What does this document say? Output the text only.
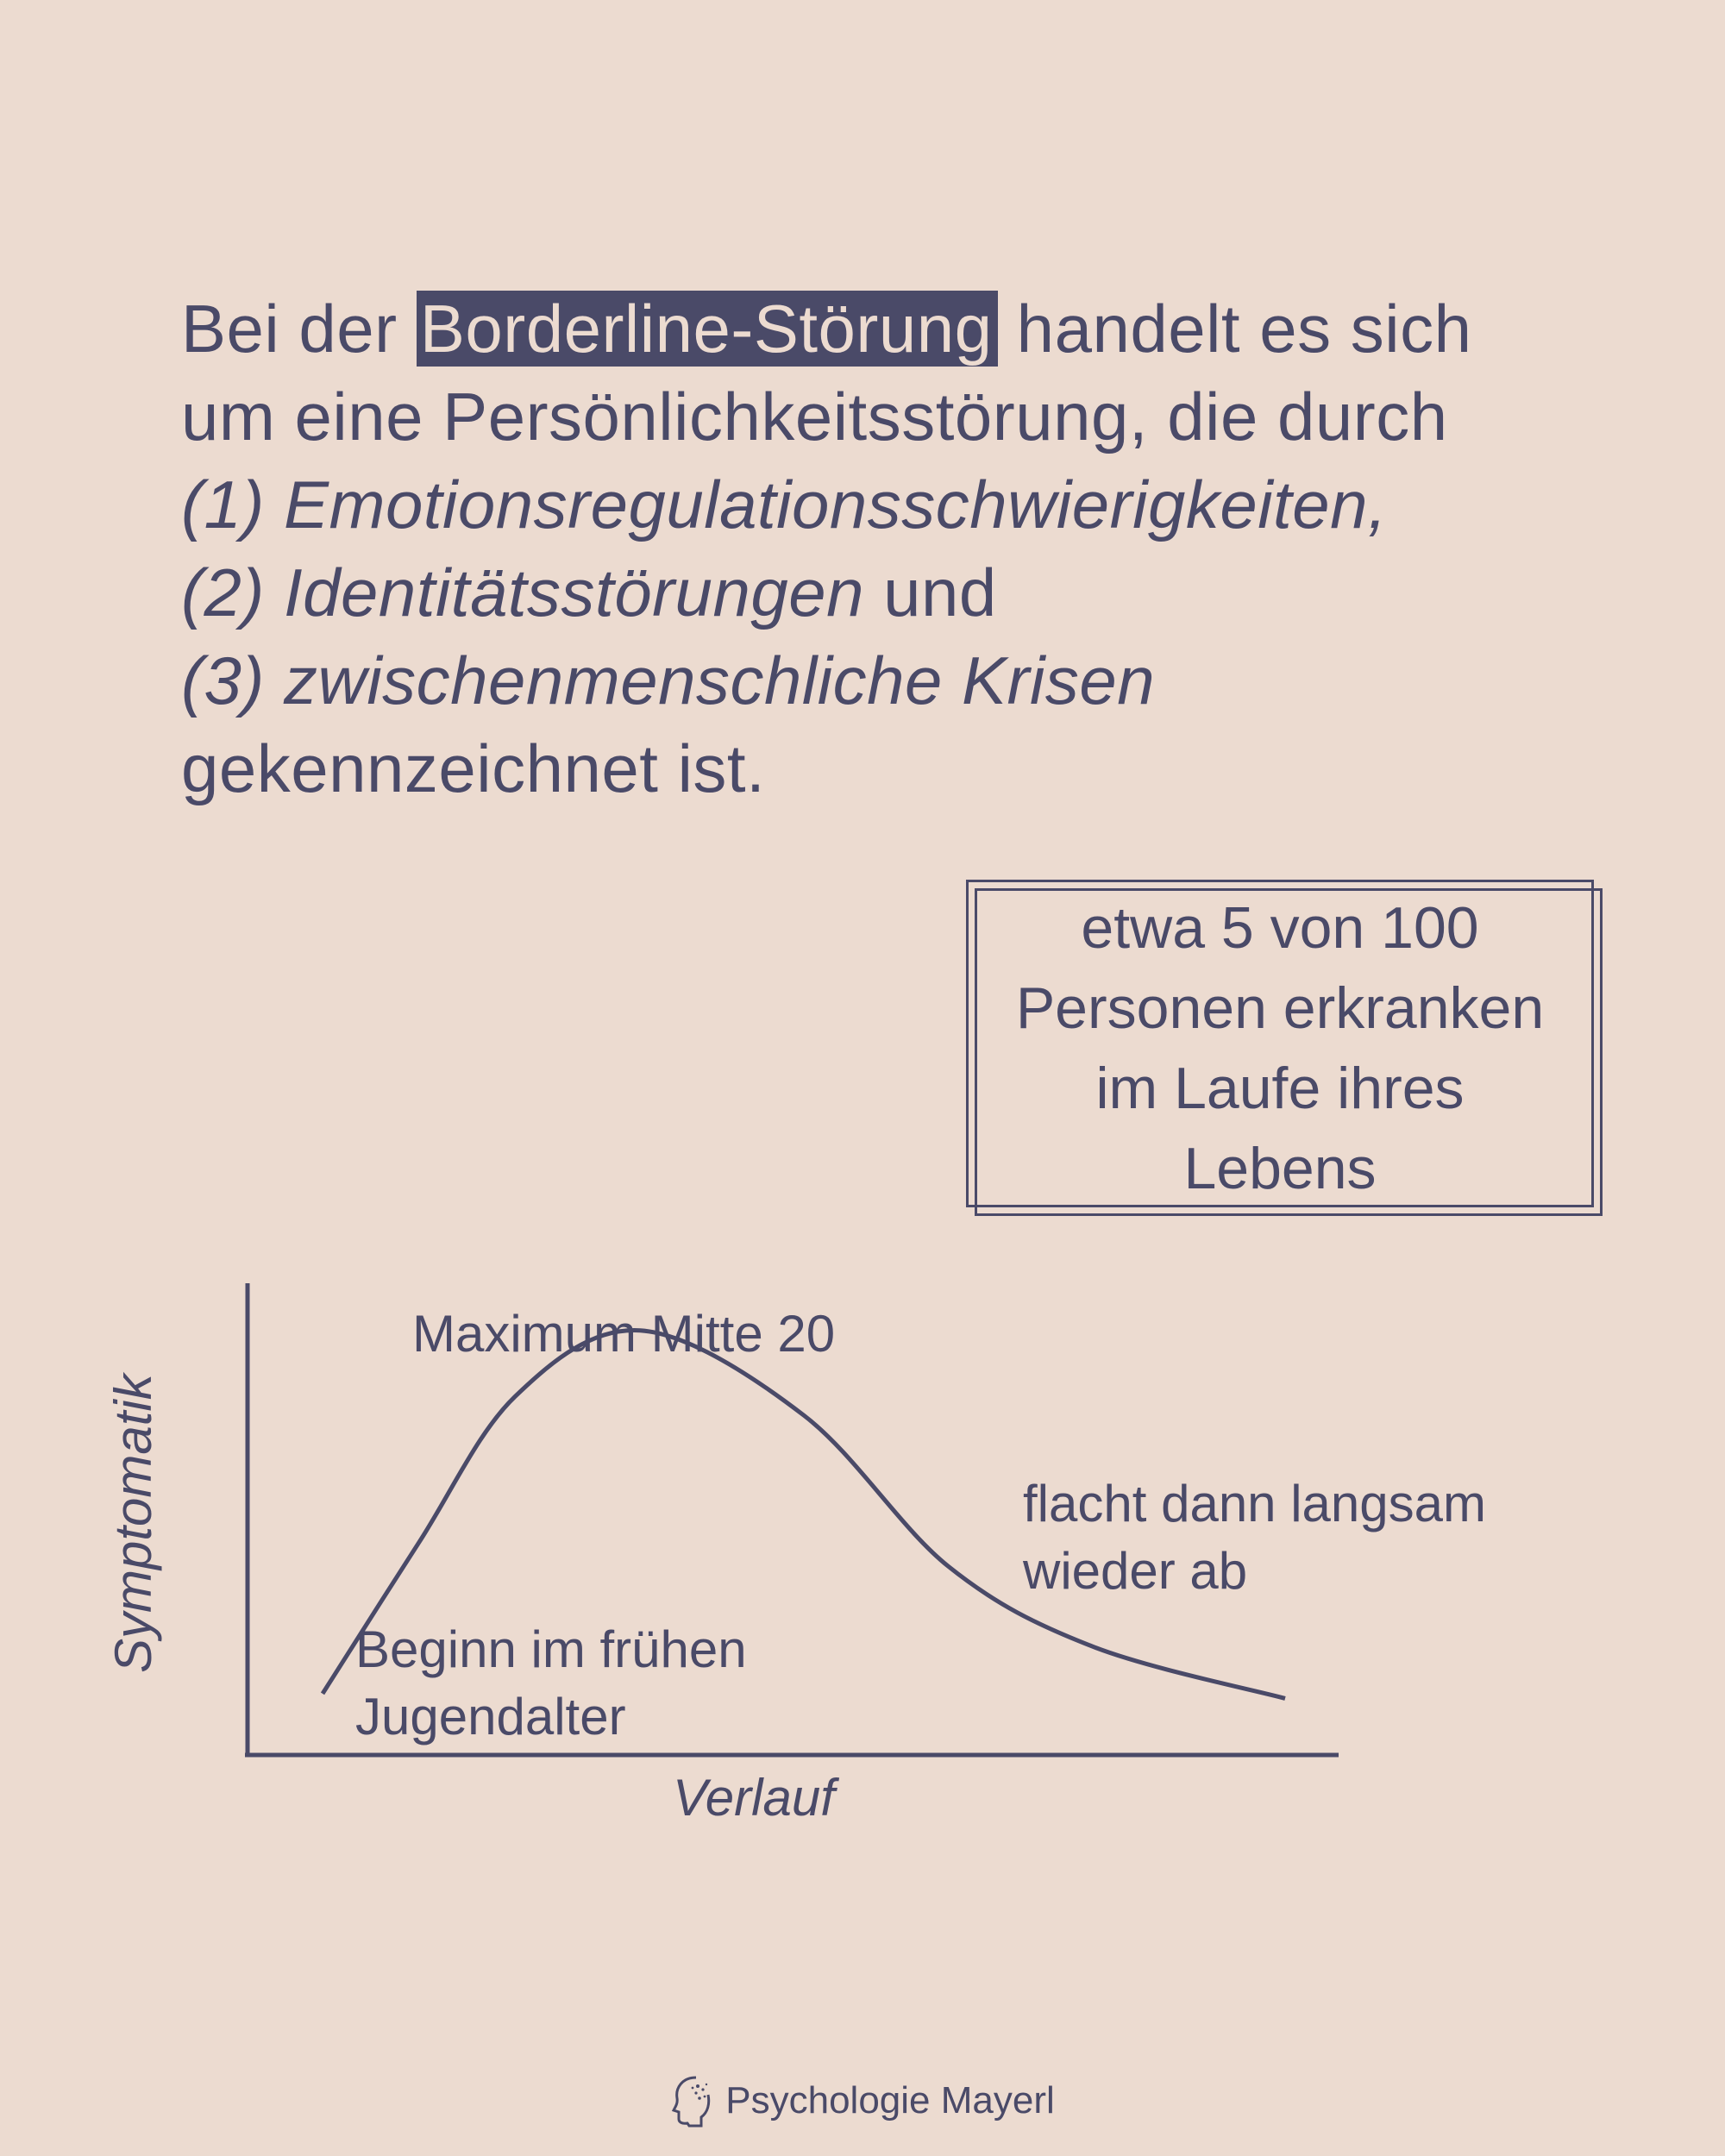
Bei der Borderline-Störung handelt es sich
um eine Persönlichkeitsstörung, die durch
(1) Emotionsregulationsschwierigkeiten,
(2) Identitätsstörungen und
(3) zwischenmenschliche Krisen
gekennzeichnet ist.
etwa 5 von 100
Personen erkranken
im Laufe ihres
Lebens
Maximum Mitte 20
flacht dann langsam
wieder ab
Beginn im frühen
Jugendalter
Verlauf
Symptomatik
Psychologie Mayerl
